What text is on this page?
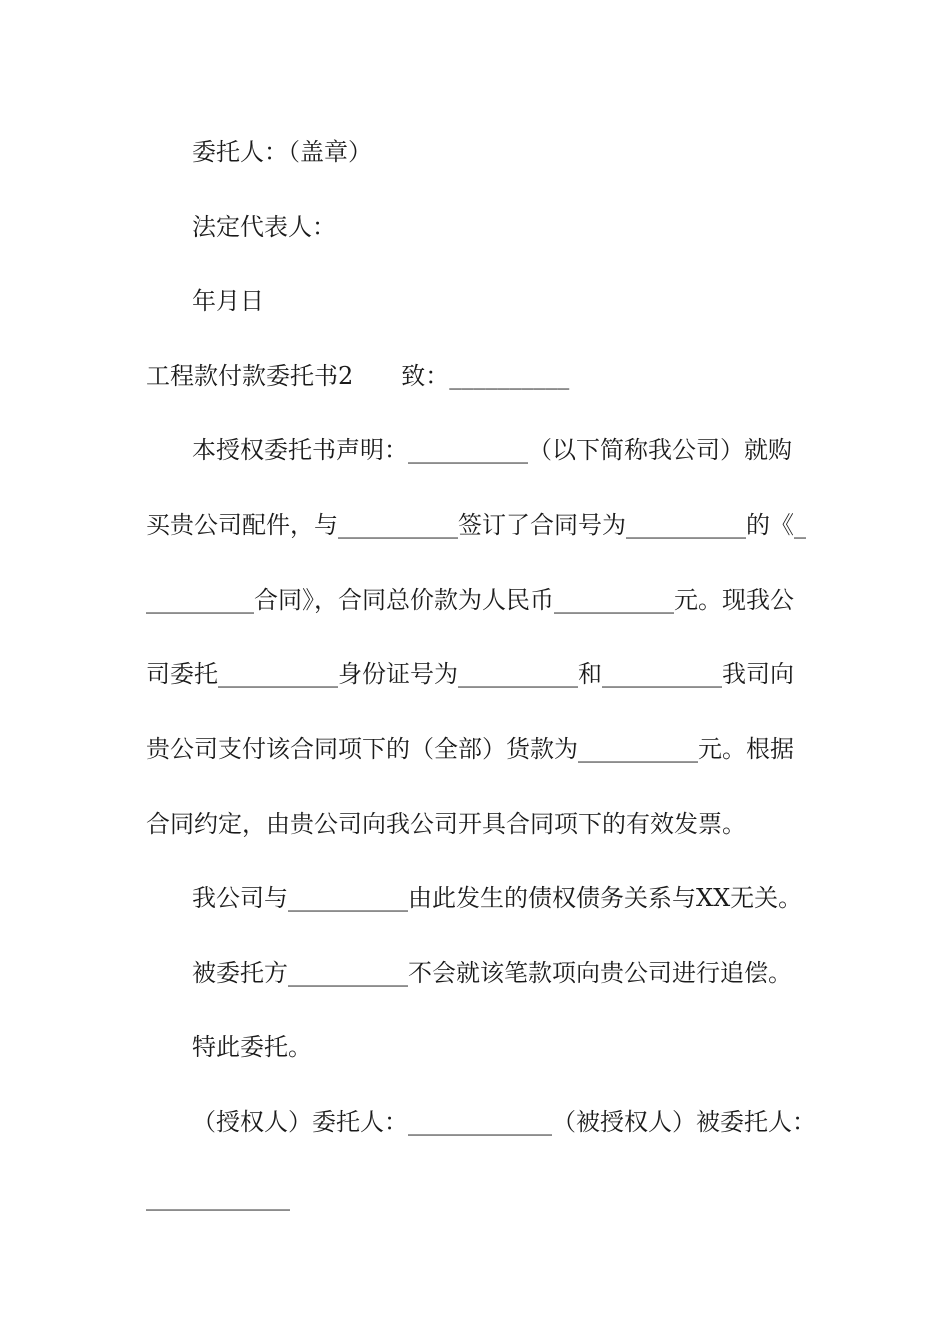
委托人：（盖章）
法定代表人：
年月日
工程款付款委托书2　　致：__________
本授权委托书声明：__________（以下简称我公司）就购
买贵公司配件，与__________签订了合同号为__________的《_
_________合同》，合同总价款为人民币__________元。现我公
司委托__________身份证号为__________和__________我司向
贵公司支付该合同项下的（全部）货款为__________元。根据
合同约定，由贵公司向我公司开具合同项下的有效发票。
我公司与__________由此发生的债权债务关系与XX无关。
被委托方__________不会就该笔款项向贵公司进行追偿。
特此委托。
（授权人）委托人：____________（被授权人）被委托人：
____________
